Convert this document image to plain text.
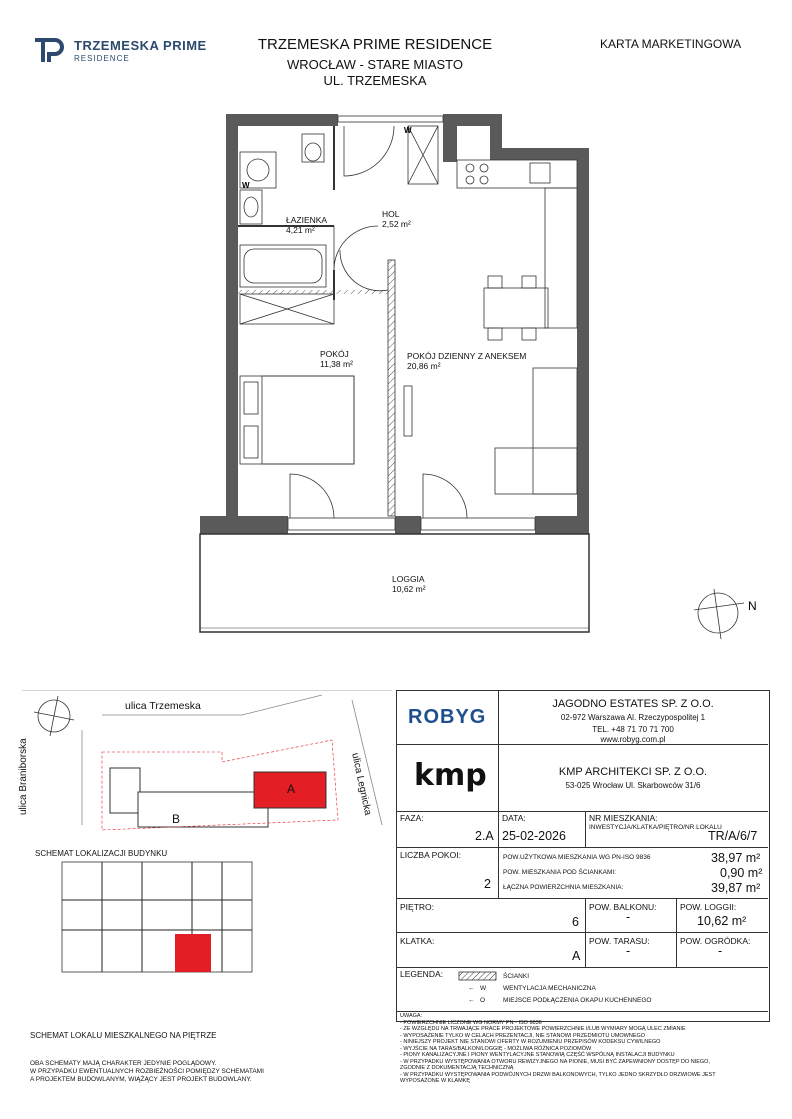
TRZEMESKA PRIME
RESIDENCE
TRZEMESKA PRIME RESIDENCE
WROCŁAW - STARE MIASTO
UL. TRZEMESKA
KARTA MARKETINGOWA
N
W
W
ŁAZIENKA
4,21 m²
HOL
2,52 m²
POKÓJ
11,38 m²
POKÓJ DZIENNY Z ANEKSEM
20,86 m²
LOGGIA
10,62 m²
ulica Trzemeska
ulica Braniborska	ulica Legnicka
A
B
SCHEMAT LOKALIZACJI BUDYNKU
SCHEMAT LOKALU MIESZKALNEGO NA PIĘTRZE
OBA SCHEMATY MAJĄ CHARAKTER JEDYNIE POGLĄDOWY.
W PRZYPADKU EWENTUALNYCH ROZBIEŻNOŚCI POMIĘDZY SCHEMATAMI
A PROJEKTEM BUDOWLANYM, WIĄŻĄCY JEST PROJEKT BUDOWLANY.
ROBYG
JAGODNO ESTATES SP. Z O.O.
02-972 Warszawa Al. Rzeczypospolitej 1
TEL. +48 71 70 71 700
www.robyg.com.pl
kmp	KMP ARCHITEKCI SP. Z O.O.
53-025 Wrocław Ul. Skarbowców 31/6
FAZA:
2.A
DATA:
25-02-2026
NR MIESZKANIA:
INWESTYCJA/KLATKA/PIĘTRO/NR LOKALU
TR/A/6/7
LICZBA POKOI:
2
POW.UŻYTKOWA MIESZKANIA WG PN-ISO 9836	38,97 m²
POW. MIESZKANIA POD ŚCIANKAMI:	0,90 m²
ŁĄCZNA POWIERZCHNIA MIESZKANIA:	39,87 m²
PIĘTRO:
6
POW. BALKONU:
-
POW. LOGGII:
10,62 m²
KLATKA:
A
POW. TARASU:
-
POW. OGRÓDKA:
-
LEGENDA:	ŚCIANKI
← W	WENTYLACJA MECHANICZNA
← O	MIEJSCE PODŁĄCZENIA OKAPU KUCHENNEGO
UWAGA:
- POWIERZCHNIE LICZONE WG NORMY PN - ISO 9836
- ZE WZGLĘDU NA TRWAJĄCE PRACE PROJEKTOWE POWIERZCHNIE I/LUB WYMIARY MOGĄ ULEC ZMIANIE
- WYPOSAŻENIE TYLKO W CELACH PREZENTACJI, NIE STANOWI PRZEDMIOTU UMOWNEGO
- NINIEJSZY PROJEKT NIE STANOWI OFERTY W ROZUMIENIU PRZEPISÓW KODEKSU CYWILNEGO
- WYJŚCIE NA TARAS/BALKON/LOGGIĘ - MOŻLIWA RÓŻNICA POZIOMÓW
- PIONY KANALIZACYJNE I PIONY WENTYLACYJNE STANOWIĄ CZĘŚĆ WSPÓLNĄ INSTALACJI BUDYNKU
- W PRZYPADKU WYSTĘPOWANIA OTWORU REWIZYJNEGO NA PIONIE, MUSI BYĆ ZAPEWNIONY DOSTĘP DO NIEGO,
ZGODNIE Z DOKUMENTACJĄ TECHNICZNĄ
- W PRZYPADKU WYSTĘPOWANIA PODWÓJNYCH DRZWI BALKONOWYCH, TYLKO JEDNO SKRZYDŁO DRZWIOWE JEST
WYPOSAŻONE W KLAMKĘ
